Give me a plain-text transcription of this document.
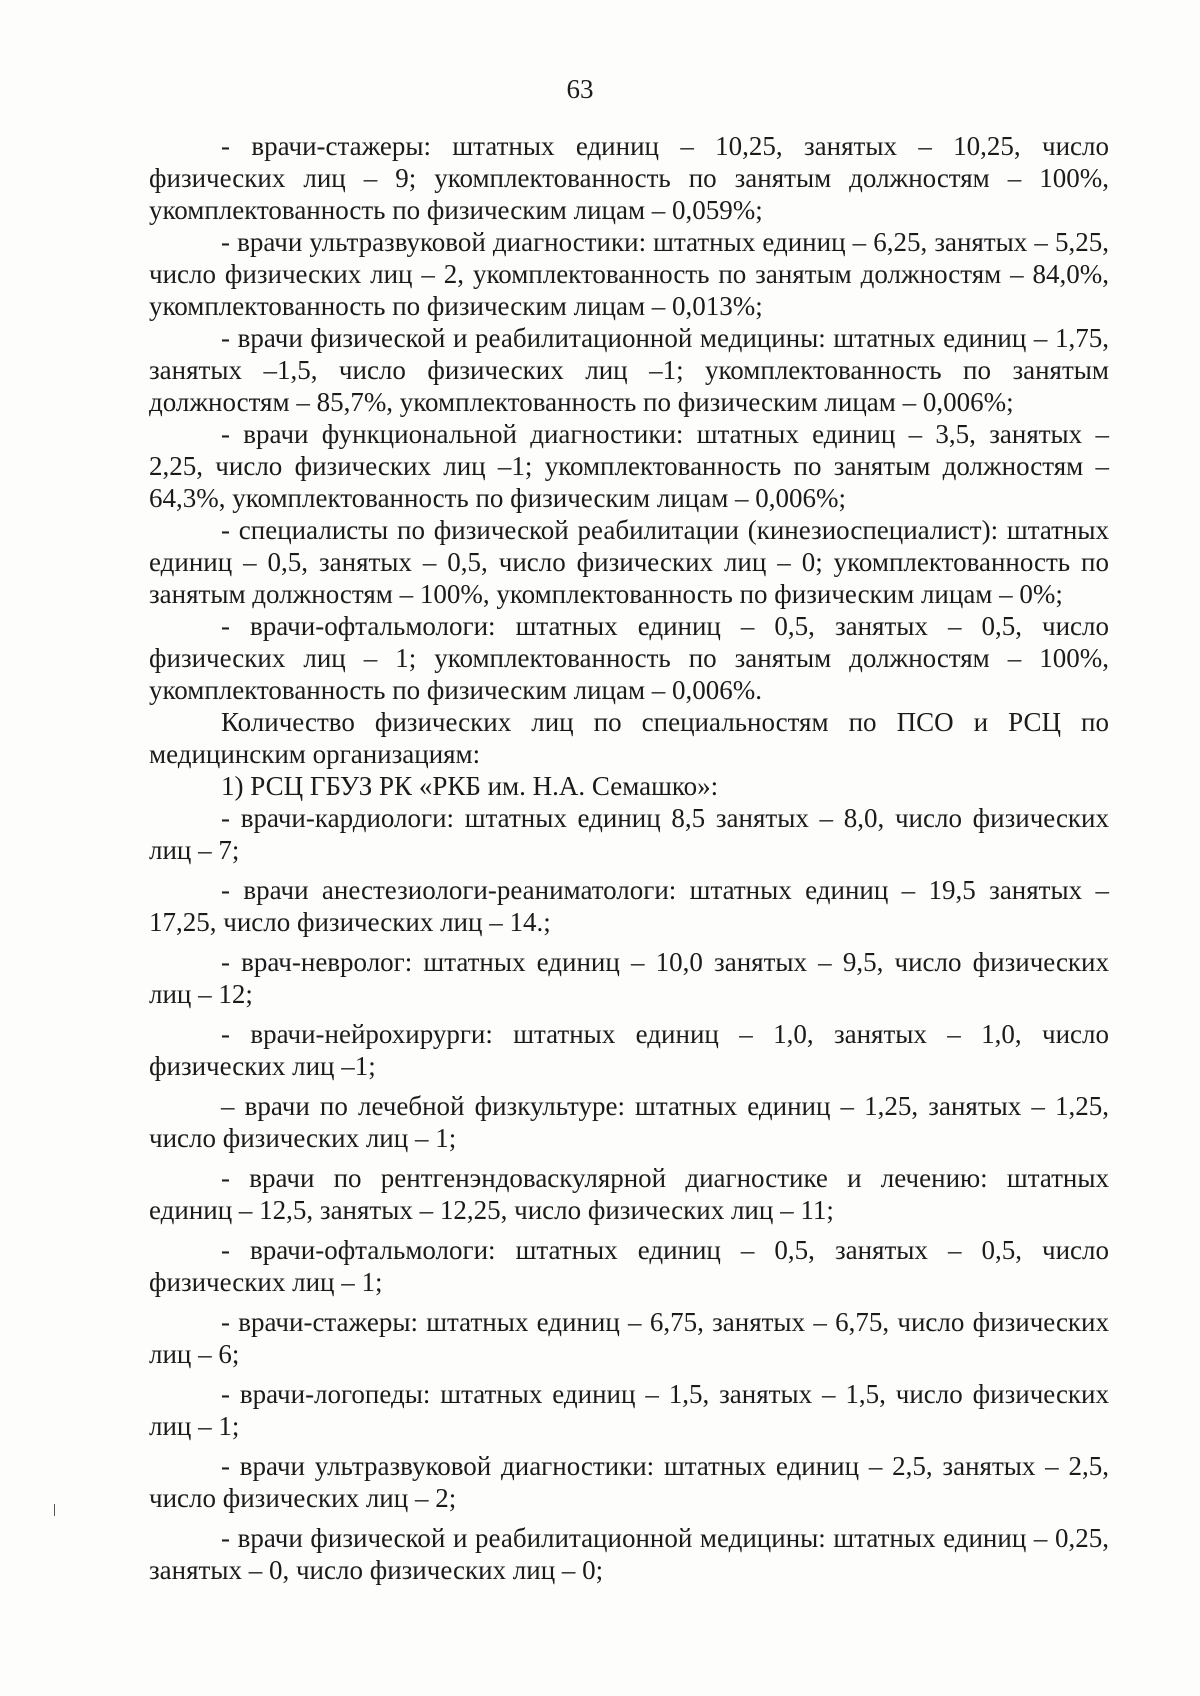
63

- врачи-стажеры: штатных единиц – 10,25, занятых – 10,25, число физических лиц – 9; укомплектованность по занятым должностям – 100%, укомплектованность по физическим лицам – 0,059%;

- врачи ультразвуковой диагностики: штатных единиц – 6,25, занятых – 5,25, число физических лиц – 2, укомплектованность по занятым должностям – 84,0%, укомплектованность по физическим лицам – 0,013%;

- врачи физической и реабилитационной медицины: штатных единиц – 1,75, занятых –1,5, число физических лиц –1; укомплектованность по занятым должностям – 85,7%, укомплектованность по физическим лицам – 0,006%;

- врачи функциональной диагностики: штатных единиц – 3,5, занятых – 2,25, число физических лиц –1; укомплектованность по занятым должностям – 64,3%, укомплектованность по физическим лицам – 0,006%;

- специалисты по физической реабилитации (кинезиоспециалист): штатных единиц – 0,5, занятых – 0,5, число физических лиц – 0; укомплектованность по занятым должностям – 100%, укомплектованность по физическим лицам – 0%;

- врачи-офтальмологи: штатных единиц – 0,5, занятых – 0,5, число физических лиц – 1; укомплектованность по занятым должностям – 100%, укомплектованность по физическим лицам – 0,006%.

Количество физических лиц по специальностям по ПСО и РСЦ по медицинским организациям:

1) РСЦ ГБУЗ РК «РКБ им. Н.А. Семашко»:

- врачи-кардиологи: штатных единиц 8,5 занятых – 8,0, число физических лиц – 7;

- врачи анестезиологи-реаниматологи: штатных единиц – 19,5 занятых – 17,25, число физических лиц – 14.;

- врач-невролог: штатных единиц – 10,0 занятых – 9,5, число физических лиц – 12;

- врачи-нейрохирурги: штатных единиц – 1,0, занятых – 1,0, число физических лиц –1;

– врачи по лечебной физкультуре: штатных единиц – 1,25, занятых – 1,25, число физических лиц – 1;

- врачи по рентгенэндоваскулярной диагностике и лечению: штатных единиц – 12,5, занятых – 12,25, число физических лиц – 11;

- врачи-офтальмологи: штатных единиц – 0,5, занятых – 0,5, число физических лиц – 1;

- врачи-стажеры: штатных единиц – 6,75, занятых – 6,75, число физических лиц – 6;

- врачи-логопеды: штатных единиц – 1,5, занятых – 1,5, число физических лиц – 1;

- врачи ультразвуковой диагностики: штатных единиц – 2,5, занятых – 2,5, число физических лиц – 2;

- врачи физической и реабилитационной медицины: штатных единиц – 0,25, занятых – 0, число физических лиц – 0;
